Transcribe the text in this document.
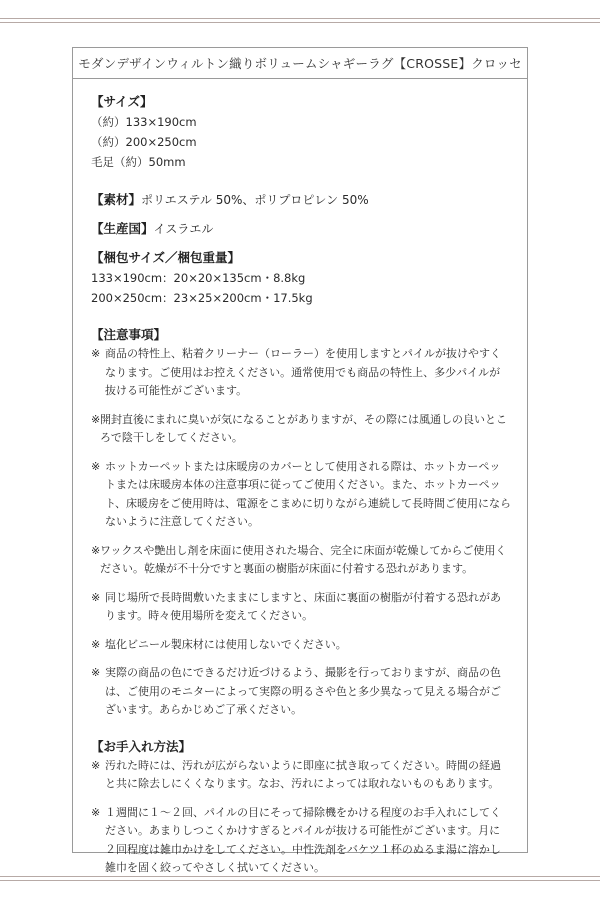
モダンデザインウィルトン織りボリュームシャギーラグ【CROSSE】クロッセ
【サイズ】
（約）133×190cm
（約）200×250cm
毛足（約）50mm
【素材】ポリエステル 50%、ポリプロピレン 50%
【生産国】イスラエル
【梱包サイズ／梱包重量】
133×190cm：20×20×135cm・8.8kg
200×250cm：23×25×200cm・17.5kg
【注意事項】
※ 商品の特性上、粘着クリーナー（ローラー）を使用しますとパイルが抜けやすくなります。ご使用はお控えください。通常使用でも商品の特性上、多少パイルが抜ける可能性がございます。
※ 開封直後にまれに臭いが気になることがありますが、その際には風通しの良いところで陰干しをしてください。
※ ホットカーペットまたは床暖房のカバーとして使用される際は、ホットカーペットまたは床暖房本体の注意事項に従ってご使用ください。また、ホットカーペット、床暖房をご使用時は、電源をこまめに切りながら連続して長時間ご使用にならないように注意してください。
※ ワックスや艶出し剤を床面に使用された場合、完全に床面が乾燥してからご使用ください。乾燥が不十分ですと裏面の樹脂が床面に付着する恐れがあります。
※ 同じ場所で長時間敷いたままにしますと、床面に裏面の樹脂が付着する恐れがあります。時々使用場所を変えてください。
※ 塩化ビニール製床材には使用しないでください。
※ 実際の商品の色にできるだけ近づけるよう、撮影を行っておりますが、商品の色は、ご使用のモニターによって実際の明るさや色と多少異なって見える場合がございます。あらかじめご了承ください。
【お手入れ方法】
※ 汚れた時には、汚れが広がらないように即座に拭き取ってください。時間の経過と共に除去しにくくなります。なお、汚れによっては取れないものもあります。
※ １週間に１～２回、パイルの目にそって掃除機をかける程度のお手入れにしてください。あまりしつこくかけすぎるとパイルが抜ける可能性がございます。月に２回程度は雑巾かけをしてください。中性洗剤をバケツ１杯のぬるま湯に溶かし雑巾を固く絞ってやさしく拭いてください。
